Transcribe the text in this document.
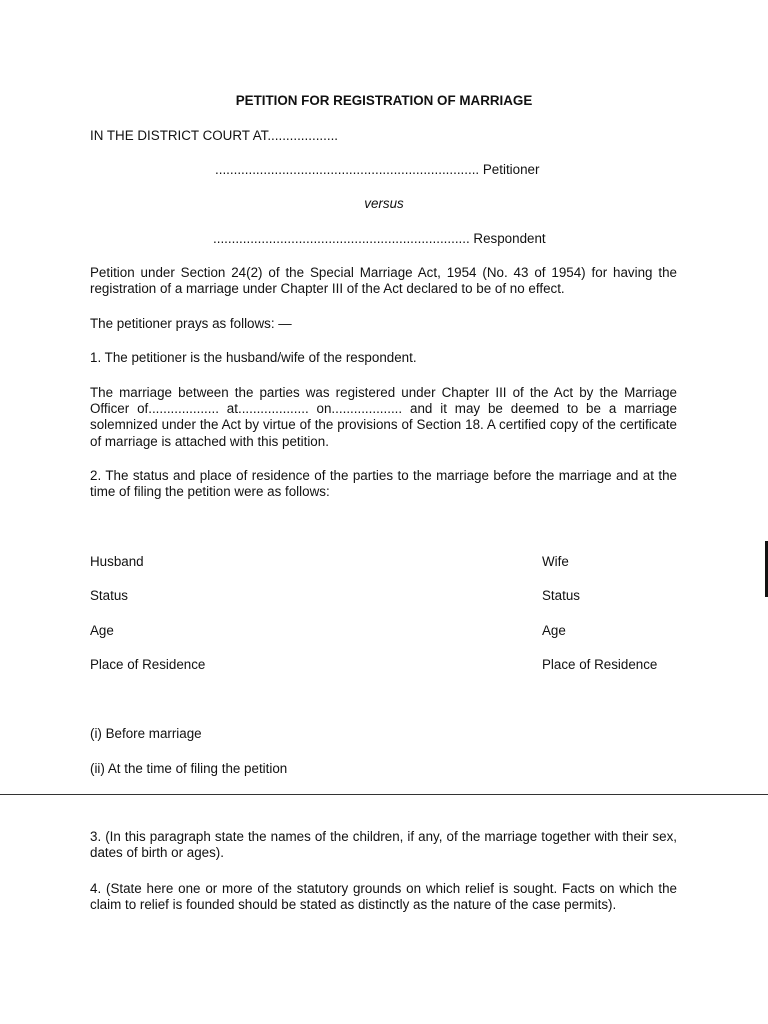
PETITION FOR REGISTRATION OF MARRIAGE
IN THE DISTRICT COURT AT...................
....................................................................... Petitioner
versus
..................................................................... Respondent
Petition under Section 24(2) of the Special Marriage Act, 1954 (No. 43 of 1954) for having the registration of a marriage under Chapter III of the Act declared to be of no effect.
The petitioner prays as follows: —
1. The petitioner is the husband/wife of the respondent.
The marriage between the parties was registered under Chapter III of the Act by the Marriage Officer of................... at................... on................... and it may be deemed to be a marriage solemnized under the Act by virtue of the provisions of Section 18. A certified copy of the certificate of marriage is attached with this petition.
2. The status and place of residence of the parties to the marriage before the marriage and at the time of filing the petition were as follows:
Husband	Wife
Status	Status
Age	Age
Place of Residence	Place of Residence
(i) Before marriage
(ii) At the time of filing the petition
3. (In this paragraph state the names of the children, if any, of the marriage together with their sex, dates of birth or ages).
4. (State here one or more of the statutory grounds on which relief is sought. Facts on which the claim to relief is founded should be stated as distinctly as the nature of the case permits).
